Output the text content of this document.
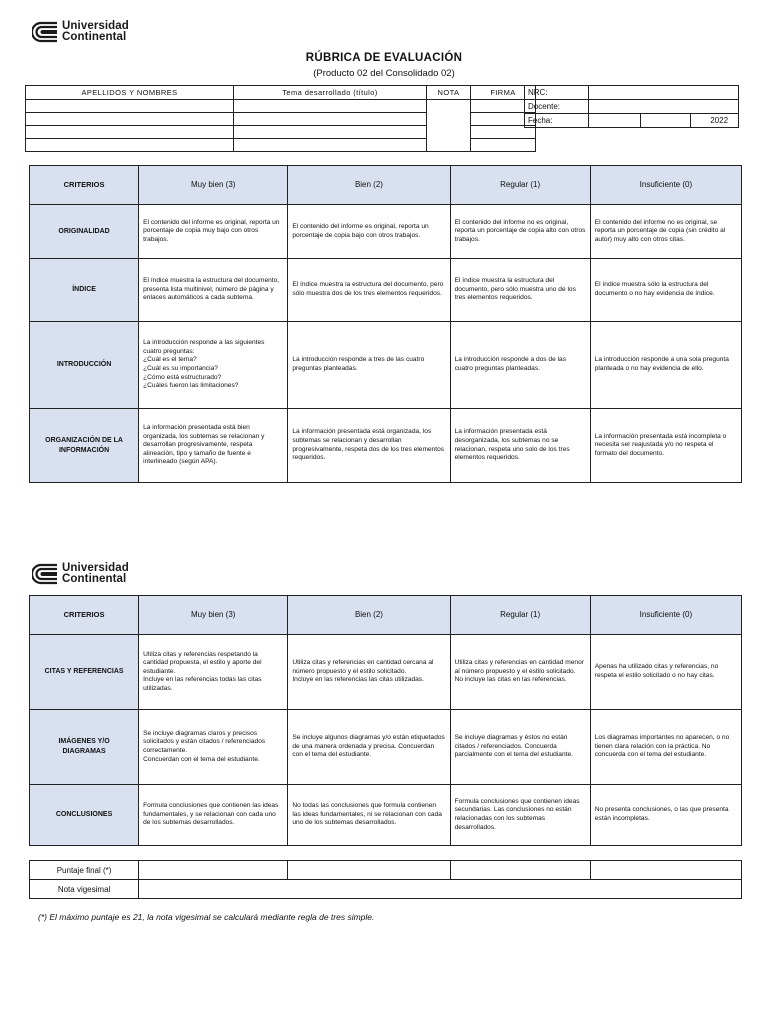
Universidad
Continental
RÚBRICA DE EVALUACIÓN
(Producto 02 del Consolidado 02)
APELLIDOS Y NOMBRES	Tema desarrollado (título)	NOTA	FIRMA

		NRC:			
Docente:			
Fecha:			2022
CRITERIOS	Muy bien (3)	Bien (2)	Regular (1)	Insuficiente (0)
ORIGINALIDAD	El contenido del informe es original, reporta un porcentaje de copia muy bajo con otros trabajos.	El contenido del informe es original, reporta un porcentaje de copia bajo con otros trabajos.	El contenido del informe no es original, reporta un porcentaje de copia alto con otros trabajos.	El contenido del informe no es original, se reporta un porcentaje de copia (sin crédito al autor) muy alto con otros citas.
ÍNDICE	El índice muestra la estructura del documento, presenta lista multinivel, número de página y enlaces automáticos a cada subtema.	El índice muestra la estructura del documento, pero sólo muestra dos de los tres elementos requeridos.	El índice muestra la estructura del documento, pero sólo muestra uno de los tres elementos requeridos.	El índice muestra sólo la estructura del documento o no hay evidencia de índice.
INTRODUCCIÓN	La introducción responde a las siguientes cuatro preguntas:
¿Cuál es el tema?
¿Cuál es su importancia?
¿Cómo está estructurado?
¿Cuáles fueron las limitaciones?	La introducción responde a tres de las cuatro preguntas planteadas.	La introducción responde a dos de las cuatro preguntas planteadas.	La introducción responde a una sola pregunta planteada o no hay evidencia de ello.
ORGANIZACIÓN DE LA INFORMACIÓN	La información presentada está bien organizada, los subtemas se relacionan y desarrollan progresivamente, respeta alineación, tipo y tamaño de fuente e interlineado (según APA).	La información presentada está organizada, los subtemas se relacionan y desarrollan progresivamente, respeta dos de los tres elementos requeridos.	La información presentada está desorganizada, los subtemas no se relacionan, respeta uno solo de los tres elementos requeridos.	La información presentada está incompleta o necesita ser reajustada y/o no respeta el formato del documento.
Universidad
Continental
CRITERIOS	Muy bien (3)	Bien (2)	Regular (1)	Insuficiente (0)
CITAS Y REFERENCIAS	Utiliza citas y referencias respetando la cantidad propuesta, el estilo y aporte del estudiante.
Incluye en las referencias todas las citas utilizadas.	Utiliza citas y referencias en cantidad cercana al número propuesto y el estilo solicitado.
Incluye en las referencias las citas utilizadas.	Utiliza citas y referencias en cantidad menor al número propuesto y el estilo solicitado. No incluye las citas en las referencias.	Apenas ha utilizado citas y referencias, no respeta el estilo solicitado o no hay citas.
IMÁGENES Y/O DIAGRAMAS	Se incluye diagramas claros y precisos solicitados y están citados / referenciados correctamente.
Concuerdan con el tema del estudiante.	Se incluye algunos diagramas y/o están etiquetados de una manera ordenada y precisa. Concuerdan con el tema del estudiante.	Se incluye diagramas y éstos no están citados / referenciados. Concuerda parcialmente con el tema del estudiante.	Los diagramas importantes no aparecen, o no tienen clara relación con la práctica. No concuerda con el tema del estudiante.
CONCLUSIONES	Formula conclusiones que contienen las ideas fundamentales, y se relacionan con cada uno de los subtemas desarrollados.	No todas las conclusiones que formula contienen las ideas fundamentales, ni se relacionan con cada uno de los subtemas desarrollados.	Formula conclusiones que contienen ideas secundarias. Las conclusiones no están relacionadas con los subtemas desarrollados.	No presenta conclusiones, o las que presenta están incompletas.
Puntaje final (*)				
Nota vigesimal				
(*) El máximo puntaje es 21, la nota vigesimal se calculará mediante regla de tres simple.
